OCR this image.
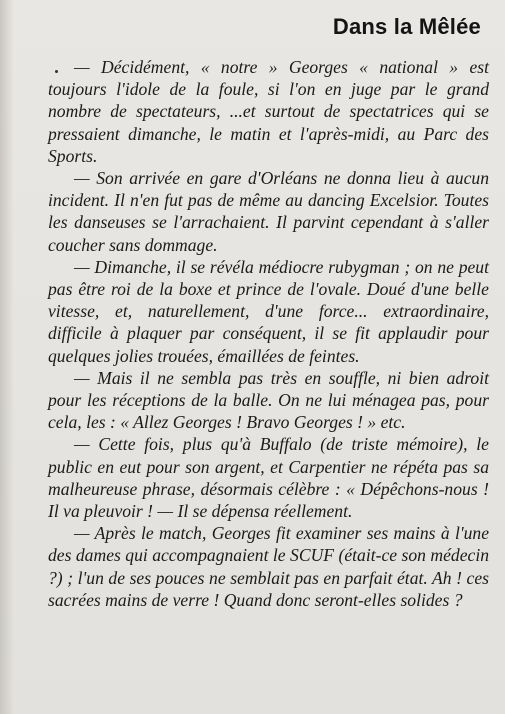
Dans la Mêlée

— Décidément, « notre » Georges « national » est toujours l'idole de la foule, si l'on en juge par le grand nombre de spectateurs, ...et surtout de spectatrices qui se pressaient dimanche, le matin et l'après-midi, au Parc des Sports.

— Son arrivée en gare d'Orléans ne donna lieu à aucun incident. Il n'en fut pas de même au dancing Excelsior. Toutes les danseuses se l'arrachaient. Il parvint cependant à s'aller coucher sans dommage.

— Dimanche, il se révéla médiocre rubygman ; on ne peut pas être roi de la boxe et prince de l'ovale. Doué d'une belle vitesse, et, naturellement, d'une force... extraordinaire, difficile à plaquer par conséquent, il se fit applaudir pour quelques jolies trouées, émaillées de feintes.

— Mais il ne sembla pas très en souffle, ni bien adroit pour les réceptions de la balle. On ne lui ménagea pas, pour cela, les : « Allez Georges ! Bravo Georges ! » etc.

— Cette fois, plus qu'à Buffalo (de triste mémoire), le public en eut pour son argent, et Carpentier ne répéta pas sa malheureuse phrase, désormais célèbre : « Dépêchons-nous ! Il va pleuvoir ! — Il se dépensa réellement.

— Après le match, Georges fit examiner ses mains à l'une des dames qui accompagnaient le SCUF (était-ce son médecin ?) ; l'un de ses pouces ne semblait pas en parfait état. Ah ! ces sacrées mains de verre ! Quand donc seront-elles solides ?
